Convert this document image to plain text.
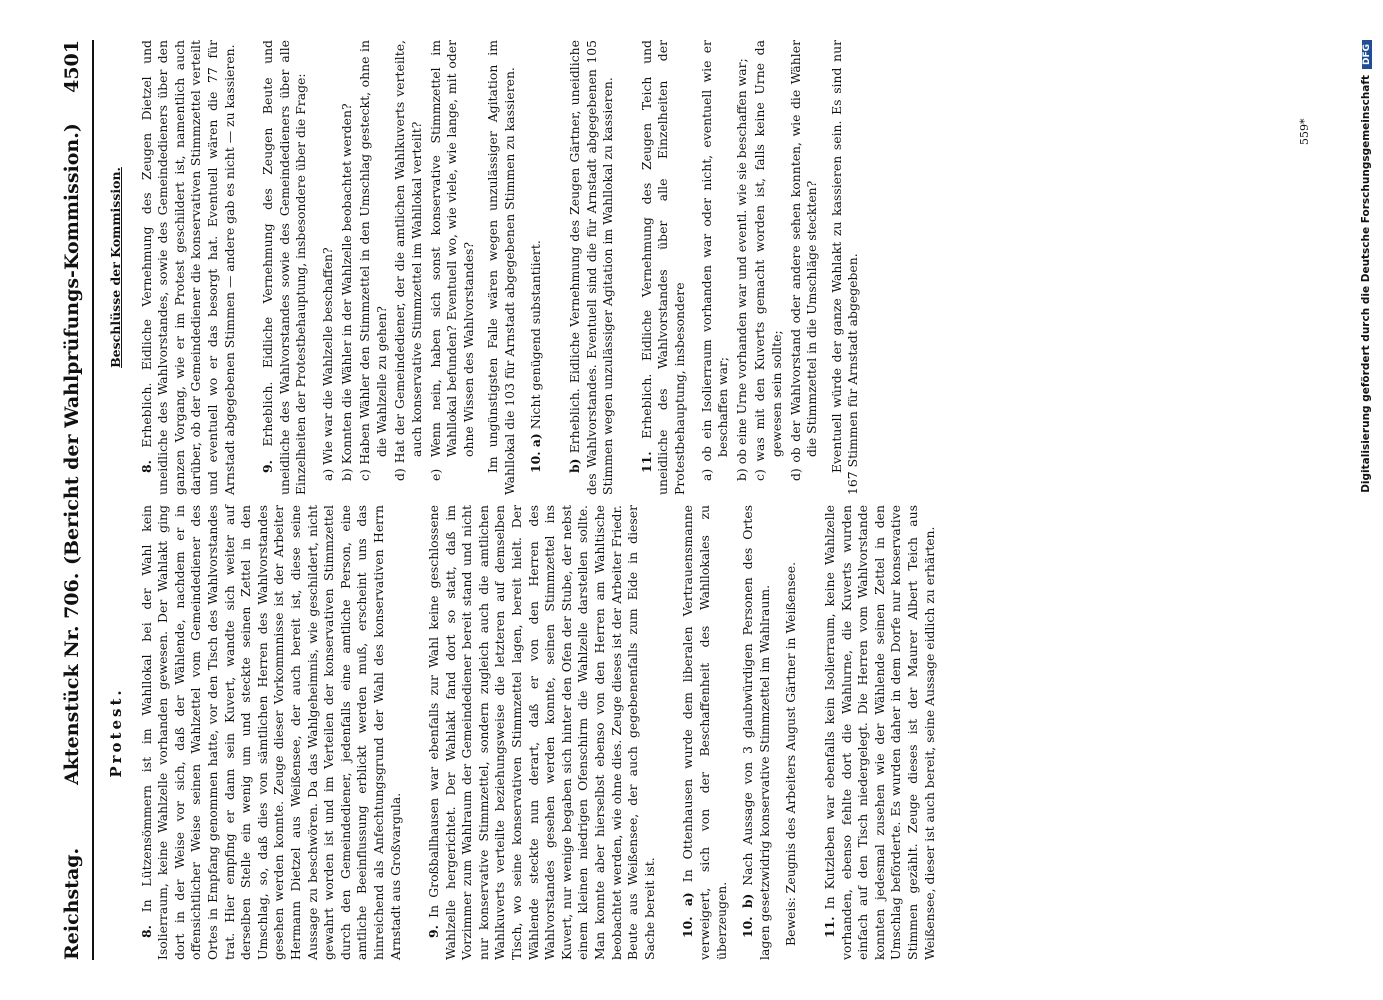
Reichstag.
Aktenstück Nr. 706.
(Bericht der Wahlprüfungs-Kommission.)
4501
Protest.

8. In Lützensömmern ist im Wahllokal bei der Wahl kein Isolierraum, keine Wahlzelle vorhanden gewesen. Der Wahlakt ging dort in der Weise vor sich, daß der Wählende, nachdem er in offensichtlicher Weise seinen Wahlzettel vom Gemeindediener des Ortes in Empfang genommen hatte, vor den Tisch des Wahlvorstandes trat. Hier empfing er dann sein Kuvert, wandte sich weiter auf derselben Stelle ein wenig um und steckte seinen Zettel in den Umschlag, so, daß dies von sämtlichen Herren des Wahlvorstandes gesehen werden konnte. Zeuge dieser Vorkommnisse ist der Arbeiter Hermann Dietzel aus Weißensee, der auch bereit ist, diese seine Aussage zu beschwören. Da das Wahlgeheimnis, wie geschildert, nicht gewahrt worden ist und im Verteilen der konservativen Stimmzettel durch den Gemeindediener, jedenfalls eine amtliche Person, eine amtliche Beeinflussung erblickt werden muß, erscheint uns das hinreichend als Anfechtungsgrund der Wahl des konservativen Herrn Arnstadt aus Großvargula. 9. In Großballhausen war ebenfalls zur Wahl keine geschlossene Wahlzelle hergerichtet. Der Wahlakt fand dort so statt, daß im Vorzimmer zum Wahlraum der Gemeindediener bereit stand und nicht nur konservative Stimmzettel, sondern zugleich auch die amtlichen Wahlkuverts verteilte beziehungsweise die letzteren auf demselben Tisch, wo seine konservativen Stimmzettel lagen, bereit hielt. Der Wählende steckte nun derart, daß er von den Herren des Wahlvorstandes gesehen werden konnte, seinen Stimmzettel ins Kuvert, nur wenige begaben sich hinter den Ofen der Stube, der nebst einem kleinen niedrigen Ofenschirm die Wahlzelle darstellen sollte. Man konnte aber hierselbst ebenso von den Herren am Wahltische beobachtet werden, wie ohne dies. Zeuge dieses ist der Arbeiter Friedr. Beute aus Weißensee, der auch gegebenenfalls zum Eide in dieser Sache bereit ist. 10. a) In Ottenhausen wurde dem liberalen Vertrauensmanne verweigert, sich von der Beschaffenheit des Wahllokales zu überzeugen. 10. b) Nach Aussage von 3 glaubwürdigen Personen des Ortes lagen gesetzwidrig konservative Stimmzettel im Wahlraum. Beweis: Zeugnis des Arbeiters August Gärtner in Weißensee. 11. In Kutzleben war ebenfalls kein Isolierraum, keine Wahlzelle vorhanden, ebenso fehlte dort die Wahlurne, die Kuverts wurden einfach auf den Tisch niedergelegt. Die Herren vom Wahlvorstande konnten jedesmal zusehen wie der Wählende seinen Zettel in den Umschlag beförderte. Es wurden daher in dem Dorfe nur konservative Stimmen gezählt. Zeuge dieses ist der Maurer Albert Teich aus Weißensee, dieser ist auch bereit, seine Aussage eidlich zu erhärten.

Beschlüsse der Kommission.

8. Erheblich. Eidliche Vernehmung des Zeugen Dietzel und uneidliche des Wahlvorstandes, sowie des Gemeindedieners über den ganzen Vorgang, wie er im Protest geschildert ist, namentlich auch darüber, ob der Gemeindediener die konservativen Stimmzettel verteilt und eventuell wo er das besorgt hat. Eventuell wären die 77 für Arnstadt abgegebenen Stimmen — andere gab es nicht — zu kassieren. 9. Erheblich. Eidliche Vernehmung des Zeugen Beute und uneidliche des Wahlvorstandes sowie des Gemeindedieners über alle Einzelheiten der Protestbehauptung, insbesondere über die Frage: a) Wie war die Wahlzelle beschaffen? b) Konnten die Wähler in der Wahlzelle beobachtet werden? c) Haben Wähler den Stimmzettel in den Umschlag gesteckt, ohne in die Wahlzelle zu gehen? d) Hat der Gemeindediener, der die amtlichen Wahlkuverts verteilte, auch konservative Stimmzettel im Wahllokal verteilt? e) Wenn nein, haben sich sonst konservative Stimmzettel im Wahllokal befunden? Eventuell wo, wie viele, wie lange, mit oder ohne Wissen des Wahlvorstandes? Im ungünstigsten Falle wären wegen unzulässiger Agitation im Wahllokal die 103 für Arnstadt abgegebenen Stimmen zu kassieren. 10. a) Nicht genügend substantiiert.

b) Erheblich. Eidliche Vernehmung des Zeugen Gärtner, uneidliche des Wahlvorstandes. Eventuell sind die für Arnstadt abgegebenen 105 Stimmen wegen unzulässiger Agitation im Wahllokal zu kassieren. 11. Erheblich. Eidliche Vernehmung des Zeugen Teich und uneidliche des Wahlvorstandes über alle Einzelheiten der Protestbehauptung, insbesondere a) ob ein Isolierraum vorhanden war oder nicht, eventuell wie er beschaffen war; b) ob eine Urne vorhanden war und eventl. wie sie beschaffen war; c) was mit den Kuverts gemacht worden ist, falls keine Urne da gewesen sein sollte; d) ob der Wahlvorstand oder andere sehen konnten, wie die Wähler die Stimmzettel in die Umschläge steckten? Eventuell würde der ganze Wahlakt zu kassieren sein. Es sind nur 167 Stimmen für Arnstadt abgegeben.

559*	Digitalisierung gefördert durch die Deutsche ForschungsgemeinschaftDFG
